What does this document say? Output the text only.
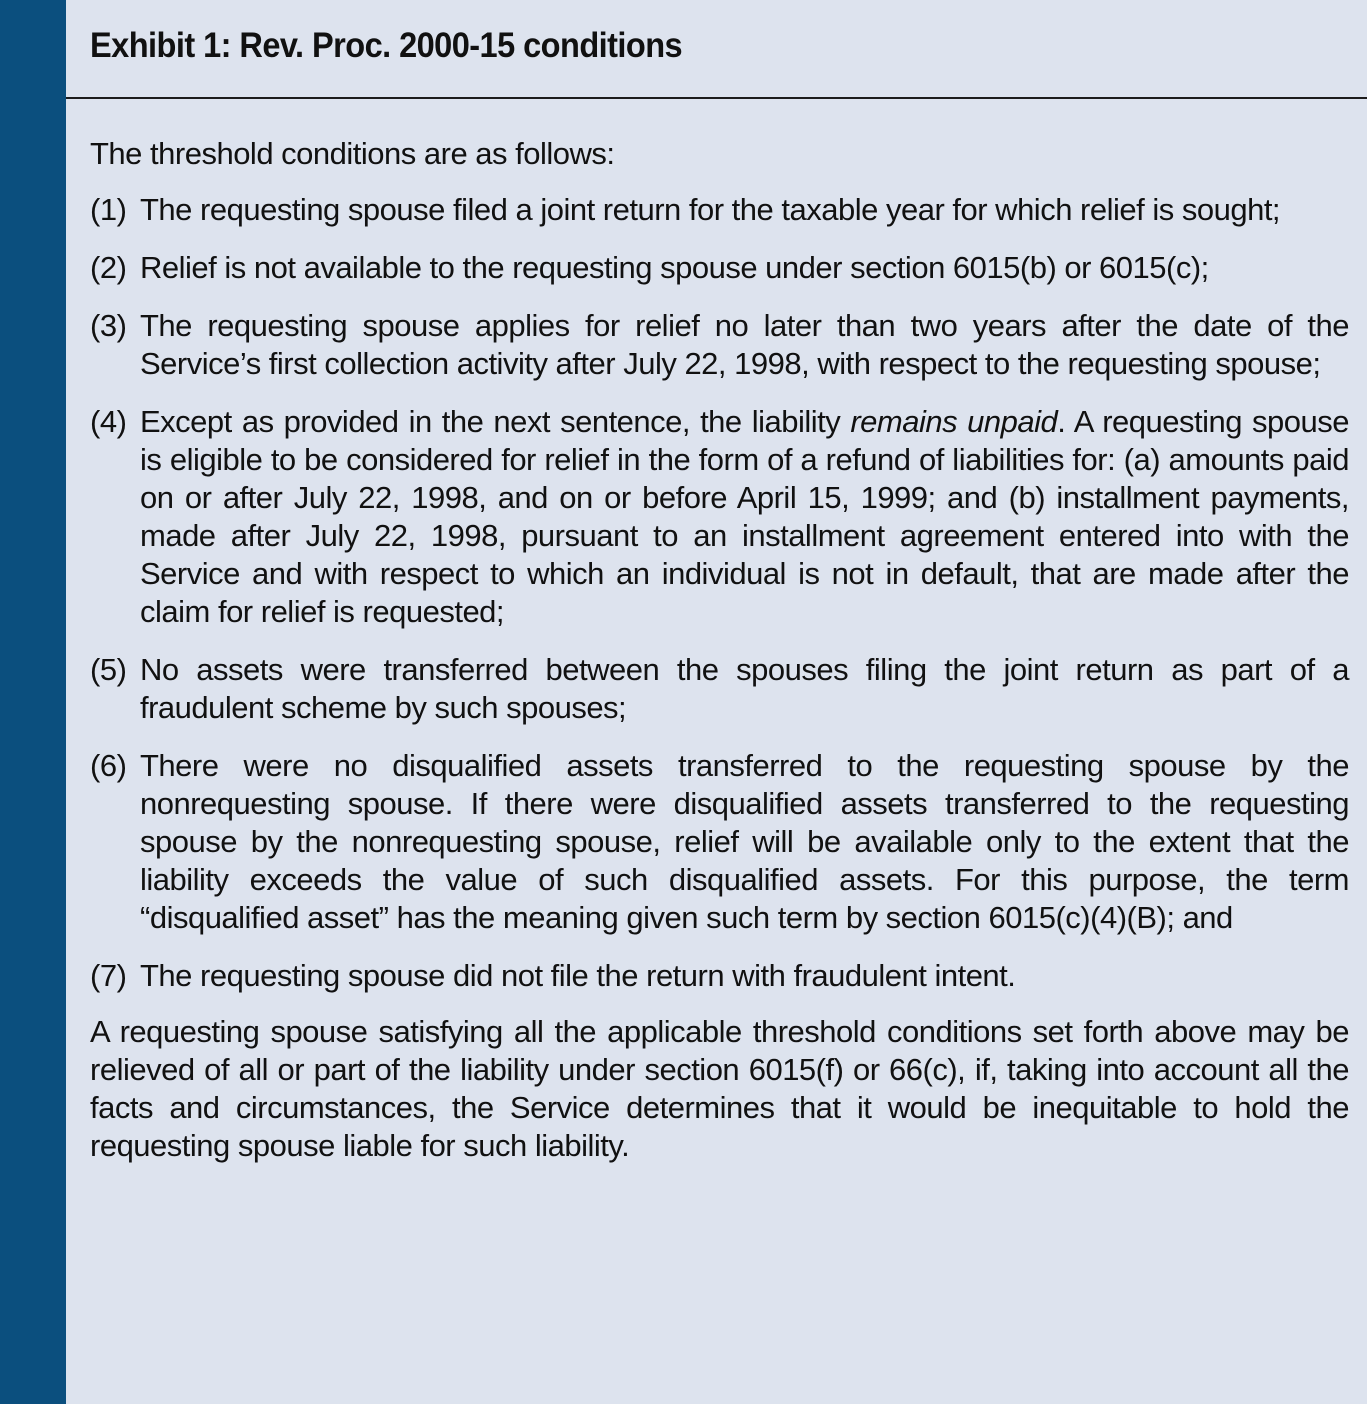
Exhibit 1: Rev. Proc. 2000-15 conditions

The threshold conditions are as follows:

(1) The requesting spouse filed a joint return for the taxable year for which relief is sought;
(2) Relief is not available to the requesting spouse under section 6015(b) or 6015(c);
(3) The requesting spouse applies for relief no later than two years after the date of the Service’s first collection activity after July 22, 1998, with respect to the requesting spouse;
(4) Except as provided in the next sentence, the liability remains unpaid. A requesting spouse is eligible to be considered for relief in the form of a refund of liabilities for: (a) amounts paid on or after July 22, 1998, and on or before April 15, 1999; and (b) installment payments, made after July 22, 1998, pursuant to an installment agreement entered into with the Service and with respect to which an individual is not in default, that are made after the claim for relief is requested;
(5) No assets were transferred between the spouses filing the joint return as part of a fraudulent scheme by such spouses;
(6) There were no disqualified assets transferred to the requesting spouse by the nonrequesting spouse. If there were disqualified assets transferred to the requesting spouse by the nonrequesting spouse, relief will be available only to the extent that the liability exceeds the value of such disqualified assets. For this purpose, the term “disqualified asset” has the meaning given such term by section 6015(c)(4)(B); and
(7) The requesting spouse did not file the return with fraudulent intent.

A requesting spouse satisfying all the applicable threshold conditions set forth above may be relieved of all or part of the liability under section 6015(f) or 66(c), if, taking into account all the facts and circumstances, the Service determines that it would be inequitable to hold the requesting spouse liable for such liability.
